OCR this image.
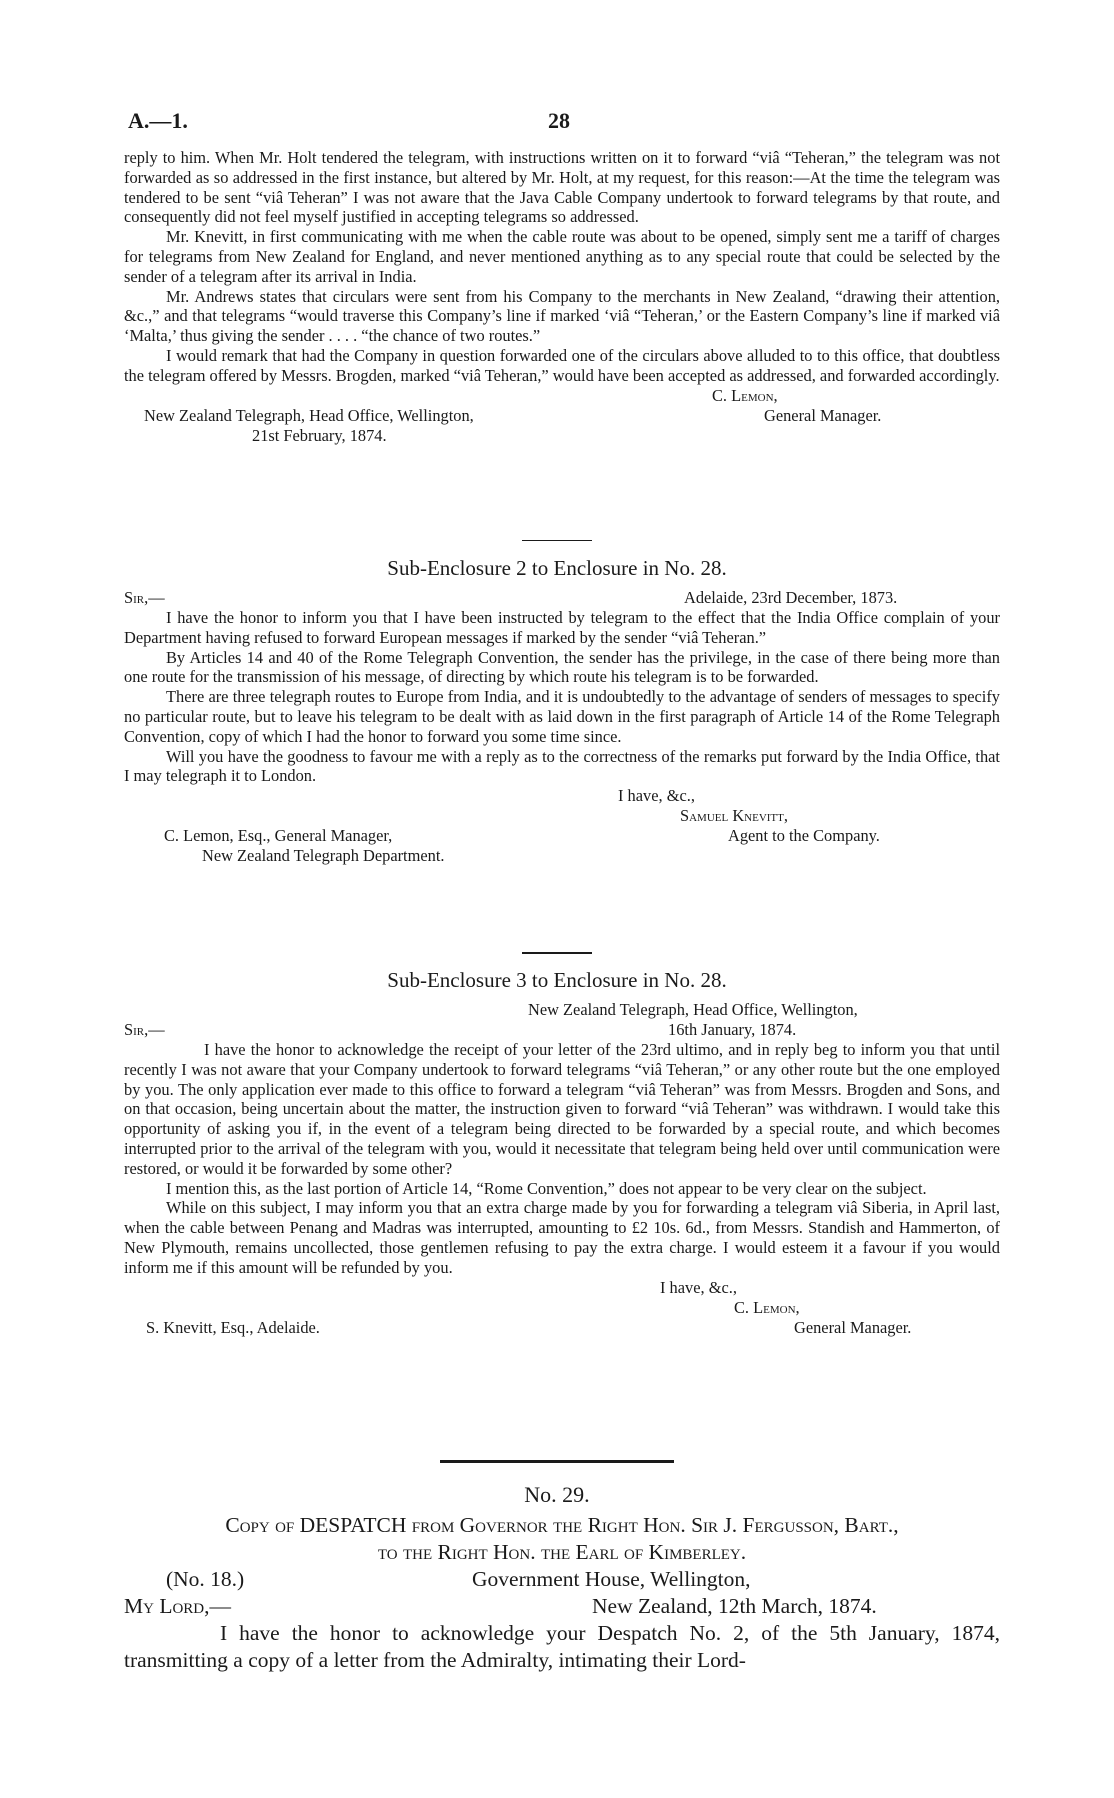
A.—1.	28

reply to him. When Mr. Holt tendered the telegram, with instructions written on it to forward “viâ “Teheran,” the telegram was not forwarded as so addressed in the first instance, but altered by Mr. Holt, at my request, for this reason:—At the time the telegram was tendered to be sent “viâ Teheran” I was not aware that the Java Cable Company undertook to forward telegrams by that route, and consequently did not feel myself justified in accepting telegrams so addressed.

Mr. Knevitt, in first communicating with me when the cable route was about to be opened, simply sent me a tariff of charges for telegrams from New Zealand for England, and never mentioned anything as to any special route that could be selected by the sender of a telegram after its arrival in India.

Mr. Andrews states that circulars were sent from his Company to the merchants in New Zealand, “drawing their attention, &c.,” and that telegrams “would traverse this Company’s line if marked ‘viâ “Teheran,’ or the Eastern Company’s line if marked viâ ‘Malta,’ thus giving the sender . . . . “the chance of two routes.”

I would remark that had the Company in question forwarded one of the circulars above alluded to to this office, that doubtless the telegram offered by Messrs. Brogden, marked “viâ Teheran,” would have been accepted as addressed, and forwarded accordingly.

C. Lemon,
New Zealand Telegraph, Head Office, Wellington,	General Manager.
21st February, 1874.
Sub-Enclosure 2 to Enclosure in No. 28.
Sir,—	Adelaide, 23rd December, 1873.

I have the honor to inform you that I have been instructed by telegram to the effect that the India Office complain of your Department having refused to forward European messages if marked by the sender “viâ Teheran.”

By Articles 14 and 40 of the Rome Telegraph Convention, the sender has the privilege, in the case of there being more than one route for the transmission of his message, of directing by which route his telegram is to be forwarded.

There are three telegraph routes to Europe from India, and it is undoubtedly to the advantage of senders of messages to specify no particular route, but to leave his telegram to be dealt with as laid down in the first paragraph of Article 14 of the Rome Telegraph Convention, copy of which I had the honor to forward you some time since.

Will you have the goodness to favour me with a reply as to the correctness of the remarks put forward by the India Office, that I may telegraph it to London.

I have, &c.,
Samuel Knevitt,
C. Lemon, Esq., General Manager,	Agent to the Company.
New Zealand Telegraph Department.
Sub-Enclosure 3 to Enclosure in No. 28.
New Zealand Telegraph, Head Office, Wellington,
Sir,—	16th January, 1874.

I have the honor to acknowledge the receipt of your letter of the 23rd ultimo, and in reply beg to inform you that until recently I was not aware that your Company undertook to forward telegrams “viâ Teheran,” or any other route but the one employed by you. The only application ever made to this office to forward a telegram “viâ Teheran” was from Messrs. Brogden and Sons, and on that occasion, being uncertain about the matter, the instruction given to forward “viâ Teheran” was withdrawn. I would take this opportunity of asking you if, in the event of a telegram being directed to be forwarded by a special route, and which becomes interrupted prior to the arrival of the telegram with you, would it necessitate that telegram being held over until communication were restored, or would it be forwarded by some other?

I mention this, as the last portion of Article 14, “Rome Convention,” does not appear to be very clear on the subject.

While on this subject, I may inform you that an extra charge made by you for forwarding a telegram viâ Siberia, in April last, when the cable between Penang and Madras was interrupted, amounting to £2 10s. 6d., from Messrs. Standish and Hammerton, of New Plymouth, remains uncollected, those gentlemen refusing to pay the extra charge. I would esteem it a favour if you would inform me if this amount will be refunded by you.

I have, &c.,
C. Lemon,
S. Knevitt, Esq., Adelaide.	General Manager.
No. 29.
Copy of DESPATCH from Governor the Right Hon. Sir J. Fergusson, Bart.,
to the Right Hon. the Earl of Kimberley.
(No. 18.)	Government House, Wellington,
My Lord,—	New Zealand, 12th March, 1874.

I have the honor to acknowledge your Despatch No. 2, of the 5th January, 1874, transmitting a copy of a letter from the Admiralty, intimating their Lord-
